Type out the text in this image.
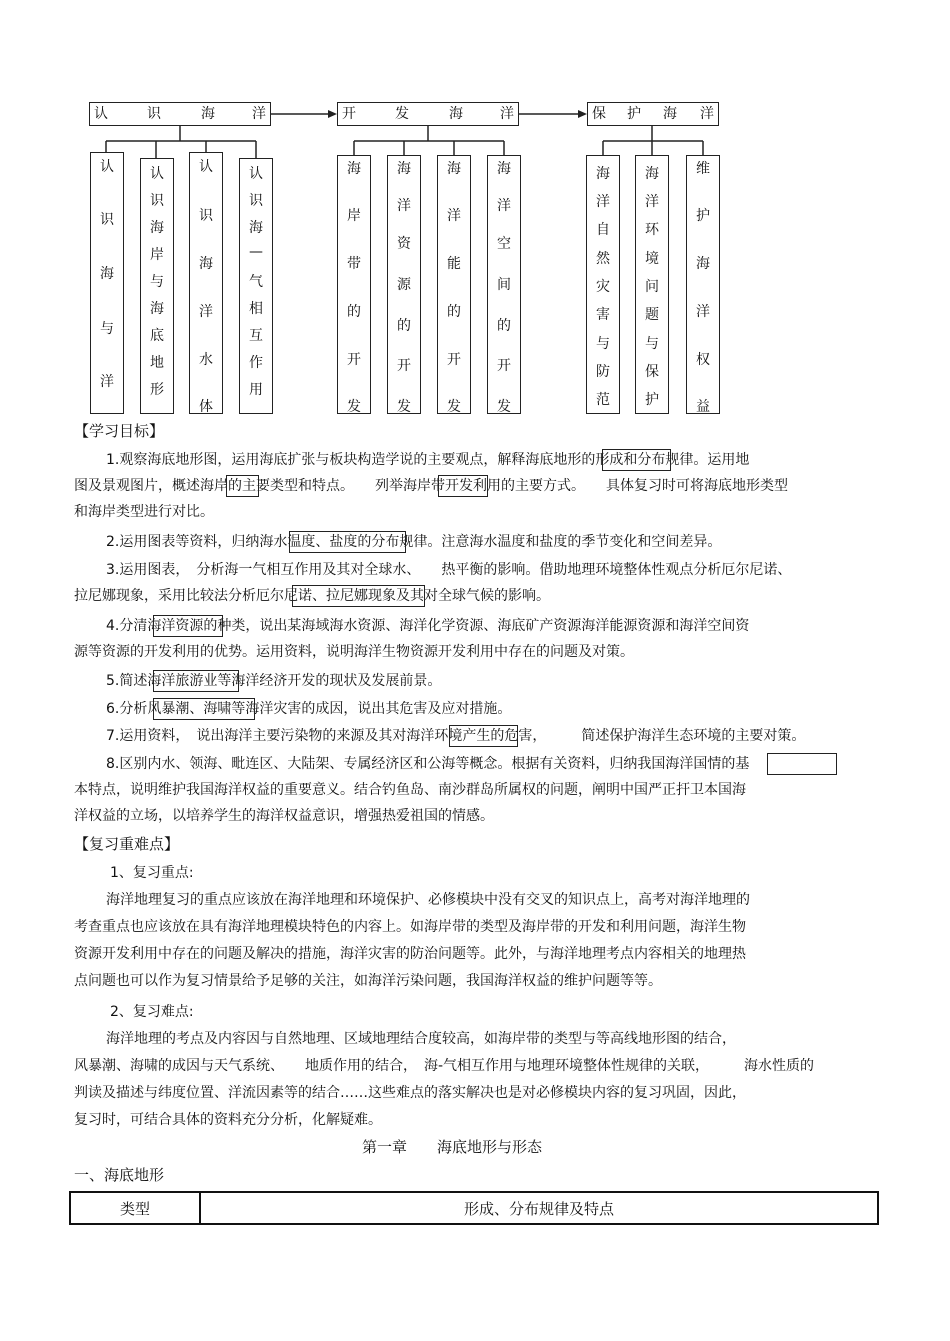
认	识	海	洋	开	发	海	洋	保 护 海 洋
认
识
海
与
洋
认
识
海
岸
与
海
底
地
形
认
识
海
洋
水
体
认
识
海
—
气
相
互
作
用
海
岸
带
的
开
发
海
洋
资
源
的
开
发
海
洋
能
的
开
发
海
洋
空
间
的
开
发
海
洋
自
然
灾
害
与
防
范
海
洋
环
境
问
题
与
保
护
维
护
海
洋
权
益
【学习目标】
1.观察海底地形图，运用海底扩张与板块构造学说的主要观点，解释海底地形的形成和分布规律。运用地
图及景观图片，概述海岸的主要类型和特点。　　列举海岸带开发利用的主要方式。　　具体复习时可将海底地形类型
和海岸类型进行对比。
2.运用图表等资料，归纳海水温度、盐度的分布规律。注意海水温度和盐度的季节变化和空间差异。
3.运用图表，　分析海一气相互作用及其对全球水、　　热平衡的影响。借助地理环境整体性观点分析厄尔尼诺、
拉尼娜现象，采用比较法分析厄尔尼诺、拉尼娜现象及其对全球气候的影响。
4.分清海洋资源的种类，说出某海域海水资源、海洋化学资源、海底矿产资源海洋能源资源和海洋空间资
源等资源的开发利用的优势。运用资料，说明海洋生物资源开发利用中存在的问题及对策。
5.简述海洋旅游业等海洋经济开发的现状及发展前景。
6.分析风暴潮、海啸等海洋灾害的成因，说出其危害及应对措施。
7.运用资料，　说出海洋主要污染物的来源及其对海洋环境产生的危害，　　　简述保护海洋生态环境的主要对策。
8.区别内水、领海、毗连区、大陆架、专属经济区和公海等概念。根据有关资料，归纳我国海洋国情的基
本特点，说明维护我国海洋权益的重要意义。结合钓鱼岛、南沙群岛所属权的问题，阐明中国严正扞卫本国海
洋权益的立场，以培养学生的海洋权益意识，增强热爱祖国的情感。
【复习重难点】
1、复习重点:
海洋地理复习的重点应该放在海洋地理和环境保护、必修模块中没有交叉的知识点上，高考对海洋地理的
考查重点也应该放在具有海洋地理模块特色的内容上。如海岸带的类型及海岸带的开发和利用问题，海洋生物
资源开发利用中存在的问题及解决的措施，海洋灾害的防治问题等。此外，与海洋地理考点内容相关的地理热
点问题也可以作为复习情景给予足够的关注，如海洋污染问题，我国海洋权益的维护问题等等。
2、复习难点:
海洋地理的考点及内容因与自然地理、区域地理结合度较高，如海岸带的类型与等高线地形图的结合，
风暴潮、海啸的成因与天气系统、　　地质作用的结合，　海-气相互作用与地理环境整体性规律的关联，　　　海水性质的
判读及描述与纬度位置、洋流因素等的结合……这些难点的落实解决也是对必修模块内容的复习巩固，因此，
复习时，可结合具体的资料充分分析，化解疑难。
第一章　　海底地形与形态
一、海底地形
类型	形成、分布规律及特点
